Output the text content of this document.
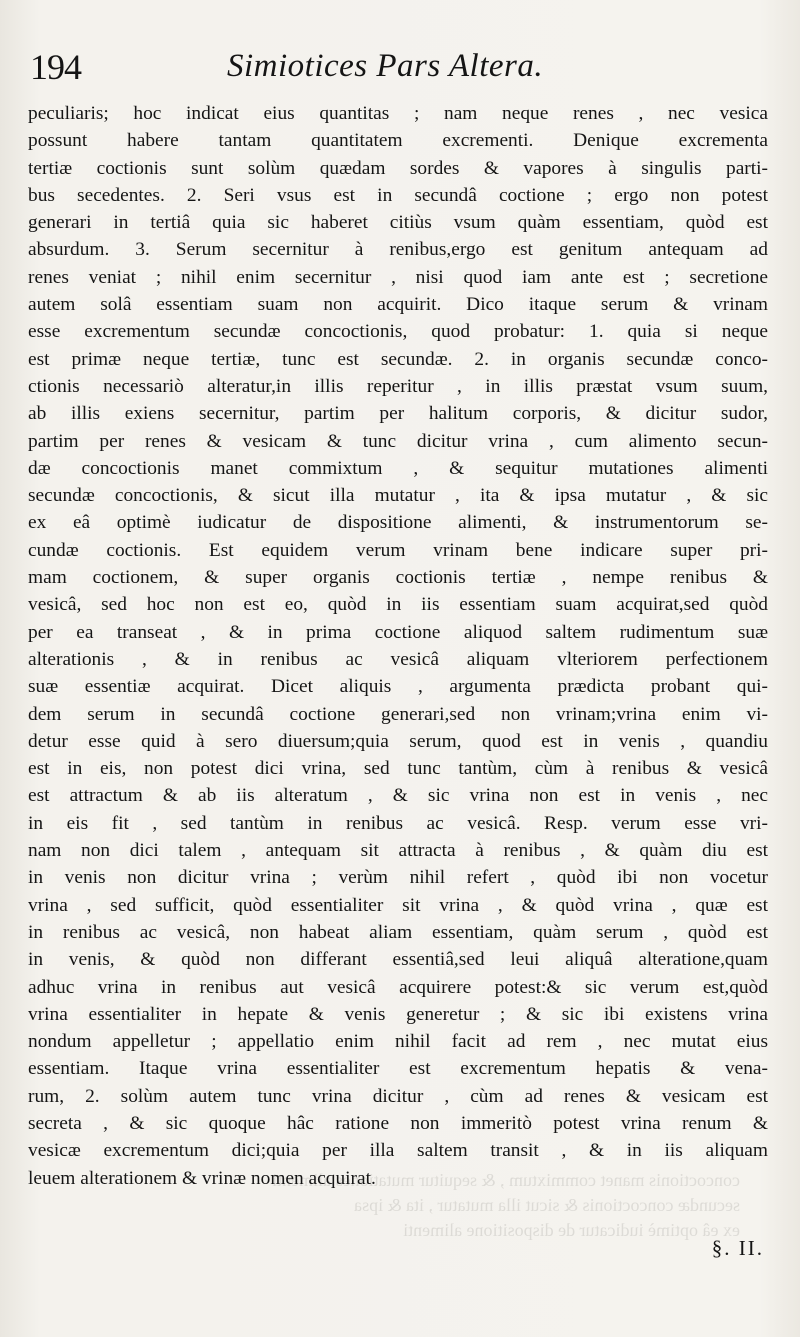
194	Simiotices Pars Altera.
peculiaris; hoc indicat eius quantitas ; nam neque renes , nec vesica
possunt habere tantam quantitatem excrementi. Denique excrementa
tertiæ coctionis sunt solùm quædam sordes & vapores à singulis parti-
bus secedentes. 2. Seri vsus est in secundâ coctione ; ergo non potest
generari in tertiâ quia sic haberet citiùs vsum quàm essentiam, quòd est
absurdum. 3. Serum secernitur à renibus,ergo est genitum antequam ad
renes veniat ; nihil enim secernitur , nisi quod iam ante est ; secretione
autem solâ essentiam suam non acquirit. Dico itaque serum & vrinam
esse excrementum secundæ concoctionis, quod probatur: 1. quia si neque
est primæ neque tertiæ, tunc est secundæ. 2. in organis secundæ conco-
ctionis necessariò alteratur,in illis reperitur , in illis præstat vsum suum,
ab illis exiens secernitur, partim per halitum corporis, & dicitur sudor,
partim per renes & vesicam & tunc dicitur vrina , cum alimento secun-
dæ concoctionis manet commixtum , & sequitur mutationes alimenti
secundæ concoctionis, & sicut illa mutatur , ita & ipsa mutatur , & sic
ex eâ optimè iudicatur de dispositione alimenti, & instrumentorum se-
cundæ coctionis. Est equidem verum vrinam bene indicare super pri-
mam coctionem, & super organis coctionis tertiæ , nempe renibus &
vesicâ, sed hoc non est eo, quòd in iis essentiam suam acquirat,sed quòd
per ea transeat , & in prima coctione aliquod saltem rudimentum suæ
alterationis , & in renibus ac vesicâ aliquam vlteriorem perfectionem
suæ essentiæ acquirat. Dicet aliquis , argumenta prædicta probant qui-
dem serum in secundâ coctione generari,sed non vrinam;vrina enim vi-
detur esse quid à sero diuersum;quia serum, quod est in venis , quandiu
est in eis, non potest dici vrina, sed tunc tantùm, cùm à renibus & vesicâ
est attractum & ab iis alteratum , & sic vrina non est in venis , nec
in eis fit , sed tantùm in renibus ac vesicâ. Resp. verum esse vri-
nam non dici talem , antequam sit attracta à renibus , & quàm diu est
in venis non dicitur vrina ; verùm nihil refert , quòd ibi non vocetur
vrina , sed sufficit, quòd essentialiter sit vrina , & quòd vrina , quæ est
in renibus ac vesicâ, non habeat aliam essentiam, quàm serum , quòd est
in venis, & quòd non differant essentiâ,sed leui aliquâ alteratione,quam
adhuc vrina in renibus aut vesicâ acquirere potest:& sic verum est,quòd
vrina essentialiter in hepate & venis generetur ; & sic ibi existens vrina
nondum appelletur ; appellatio enim nihil facit ad rem , nec mutat eius
essentiam. Itaque vrina essentialiter est excrementum hepatis & vena-
rum, 2. solùm autem tunc vrina dicitur , cùm ad renes & vesicam est
secreta , & sic quoque hâc ratione non immeritò potest vrina renum &
vesicæ excrementum dici;quia per illa saltem transit , & in iis aliquam
leuem alterationem & vrinæ nomen acquirat.
concoctionis manet commixtum , & sequitur mutationes alimenti
secundæ concoctionis & sicut illa mutatur , ita & ipsa
ex eâ optimè iudicatur de dispositione alimenti
§. II.
